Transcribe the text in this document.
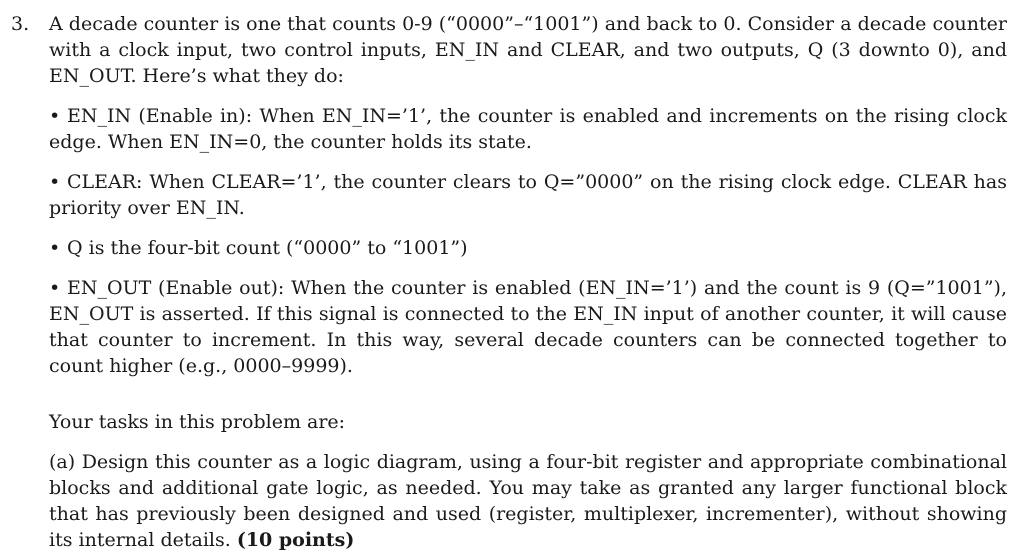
3. A decade counter is one that counts 0-9 (“0000”–“1001”) and back to 0. Consider a decade counter with a clock input, two control inputs, EN_IN and CLEAR, and two outputs, Q (3 downto 0), and EN_OUT. Here’s what they do:

• EN_IN (Enable in): When EN_IN=’1’, the counter is enabled and increments on the rising clock edge. When EN_IN=0, the counter holds its state.

• CLEAR: When CLEAR=’1’, the counter clears to Q=”0000” on the rising clock edge. CLEAR has priority over EN_IN.

• Q is the four-bit count (“0000” to “1001”)

• EN_OUT (Enable out): When the counter is enabled (EN_IN=’1’) and the count is 9 (Q=”1001”), EN_OUT is asserted. If this signal is connected to the EN_IN input of another counter, it will cause that counter to increment. In this way, several decade counters can be connected together to count higher (e.g., 0000–9999).

Your tasks in this problem are:

(a) Design this counter as a logic diagram, using a four-bit register and appropriate combinational blocks and additional gate logic, as needed. You may take as granted any larger functional block that has previously been designed and used (register, multiplexer, incrementer), without showing its internal details. (10 points)
